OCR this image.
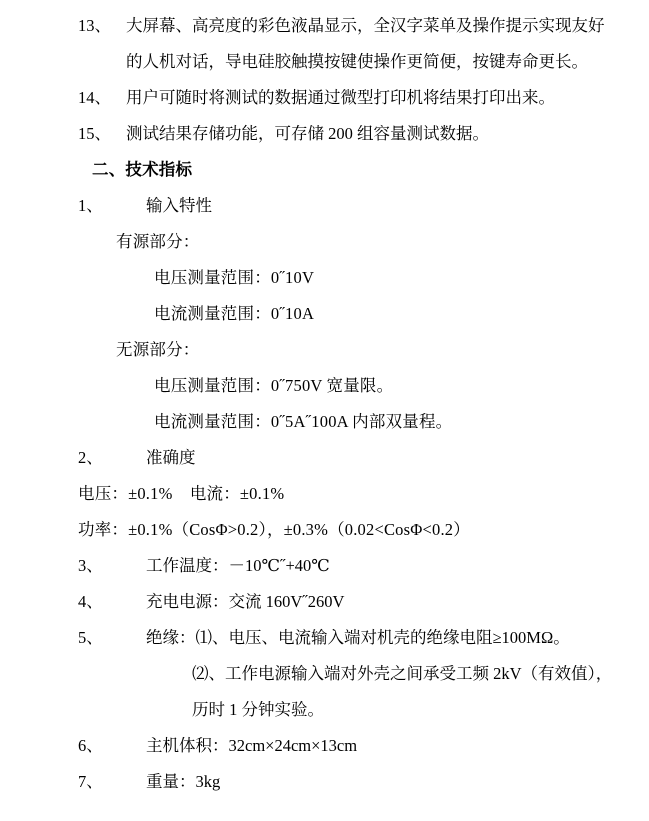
13、 大屏幕、高亮度的彩色液晶显示，全汉字菜单及操作提示实现友好的人机对话，导电硅胶触摸按键使操作更简便，按键寿命更长。
14、 用户可随时将测试的数据通过微型打印机将结果打印出来。
15、 测试结果存储功能，可存储 200 组容量测试数据。
二、技术指标
1、	输入特性
有源部分：
电压测量范围：0˝10V
电流测量范围：0˝10A
无源部分：
电压测量范围：0˝750V 宽量限。
电流测量范围：0˝5A˝100A 内部双量程。
2、	准确度
电压：±0.1%    电流：±0.1%
功率：±0.1%（CosΦ>0.2），±0.3%（0.02<CosΦ<0.2）
3、	工作温度：－10℃˝+40℃
4、	充电电源：交流 160V˝260V
5、	绝缘：⑴、电压、电流输入端对机壳的绝缘电阻≥100MΩ。
⑵、工作电源输入端对外壳之间承受工频 2kV（有效值），
历时 1 分钟实验。
6、	主机体积：32cm×24cm×13cm
7、	重量：3kg
